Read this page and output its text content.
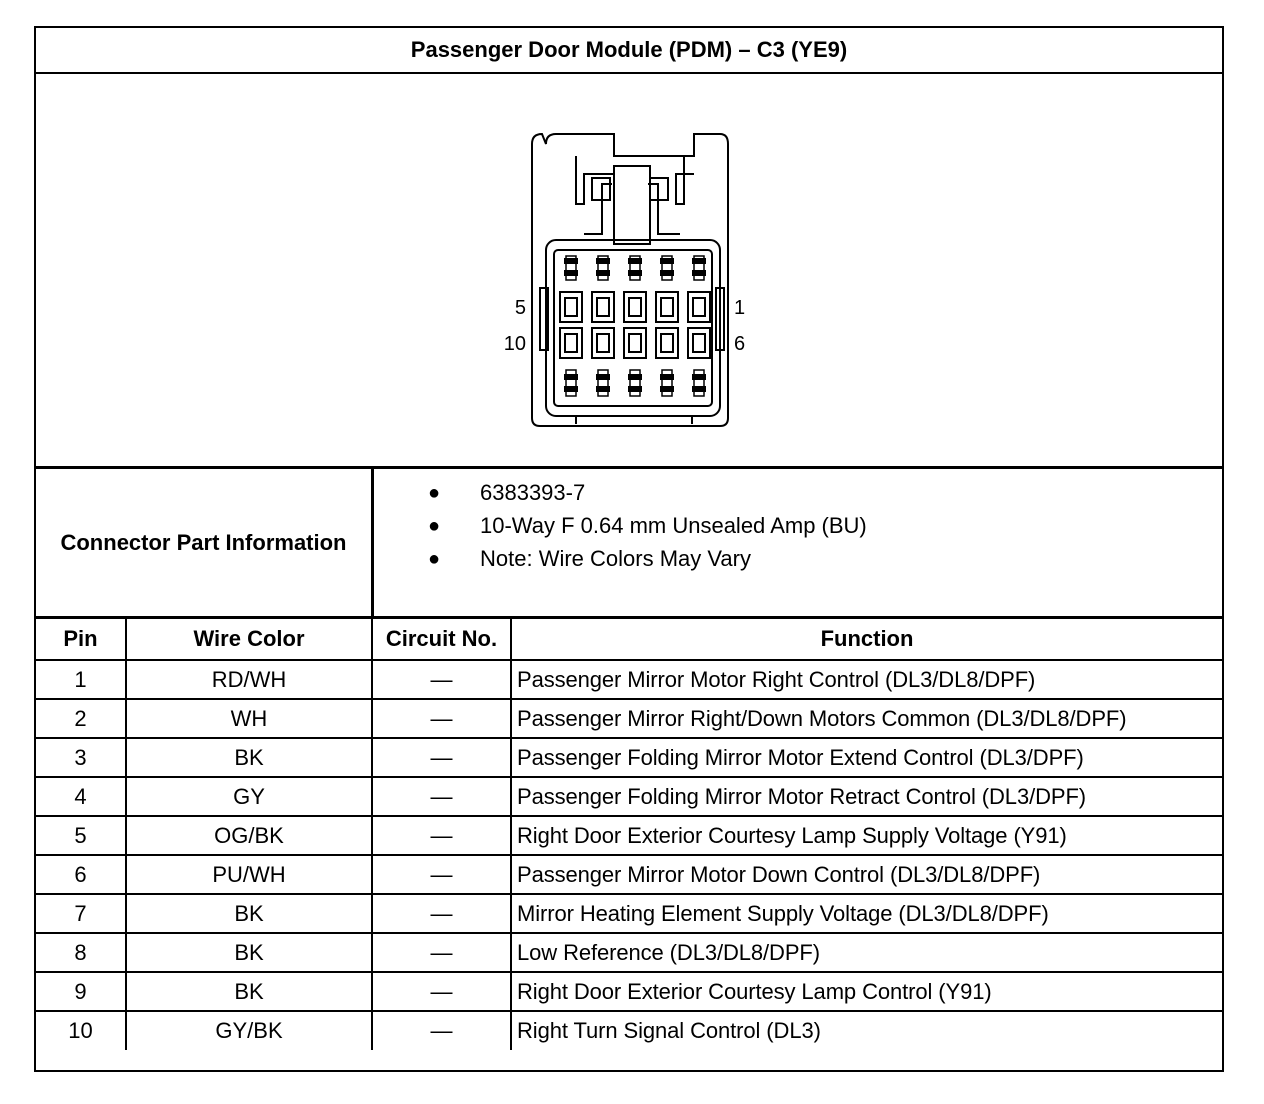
Passenger Door Module (PDM) – C3 (YE9)
5	1
10	6
Connector Part Information
● 6383393-7
● 10-Way F 0.64 mm Unsealed Amp (BU)
● Note: Wire Colors May Vary
Pin	Wire Color	Circuit No.	Function
1	RD/WH	—	Passenger Mirror Motor Right Control (DL3/DL8/DPF)
2	WH	—	Passenger Mirror Right/Down Motors Common (DL3/DL8/DPF)
3	BK	—	Passenger Folding Mirror Motor Extend Control (DL3/DPF)
4	GY	—	Passenger Folding Mirror Motor Retract Control (DL3/DPF)
5	OG/BK	—	Right Door Exterior Courtesy Lamp Supply Voltage (Y91)
6	PU/WH	—	Passenger Mirror Motor Down Control (DL3/DL8/DPF)
7	BK	—	Mirror Heating Element Supply Voltage (DL3/DL8/DPF)
8	BK	—	Low Reference (DL3/DL8/DPF)
9	BK	—	Right Door Exterior Courtesy Lamp Control (Y91)
10	GY/BK	—	Right Turn Signal Control (DL3)
